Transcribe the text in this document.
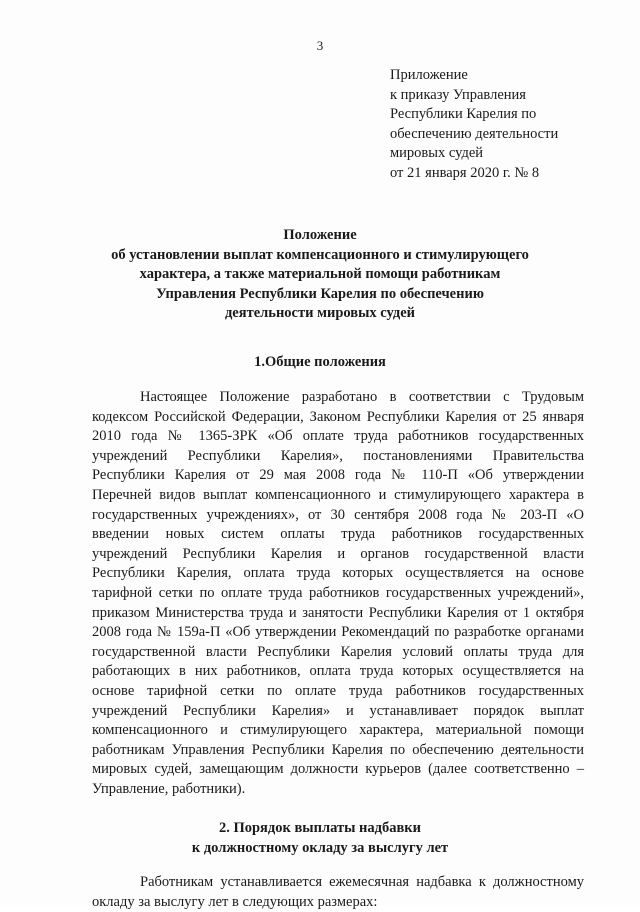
3
Приложение
к приказу Управления
Республики Карелия по
обеспечению деятельности
мировых судей
от 21 января 2020 г. № 8
Положение
об установлении выплат компенсационного и стимулирующего
характера, а также материальной помощи работникам
Управления Республики Карелия по обеспечению
деятельности мировых судей
1.Общие положения
Настоящее Положение разработано в соответствии с Трудовым
кодексом Российской Федерации, Законом Республики Карелия от 25 января
2010 года № 1365-ЗРК «Об оплате труда работников государственных
учреждений Республики Карелия», постановлениями Правительства
Республики Карелия от 29 мая 2008 года № 110-П «Об утверждении
Перечней видов выплат компенсационного и стимулирующего характера в
государственных учреждениях», от 30 сентября 2008 года № 203-П «О
введении новых систем оплаты труда работников государственных
учреждений Республики Карелия и органов государственной власти
Республики Карелия, оплата труда которых осуществляется на основе
тарифной сетки по оплате труда работников государственных учреждений»,
приказом Министерства труда и занятости Республики Карелия от 1 октября
2008 года № 159а-П «Об утверждении Рекомендаций по разработке органами
государственной власти Республики Карелия условий оплаты труда для
работающих в них работников, оплата труда которых осуществляется на
основе тарифной сетки по оплате труда работников государственных
учреждений Республики Карелия» и устанавливает порядок выплат
компенсационного и стимулирующего характера, материальной помощи
работникам Управления Республики Карелия по обеспечению деятельности
мировых судей, замещающим должности курьеров (далее соответственно –
Управление, работники).
2. Порядок выплаты надбавки
к должностному окладу за выслугу лет
Работникам устанавливается ежемесячная надбавка к должностному
окладу за выслугу лет в следующих размерах:
